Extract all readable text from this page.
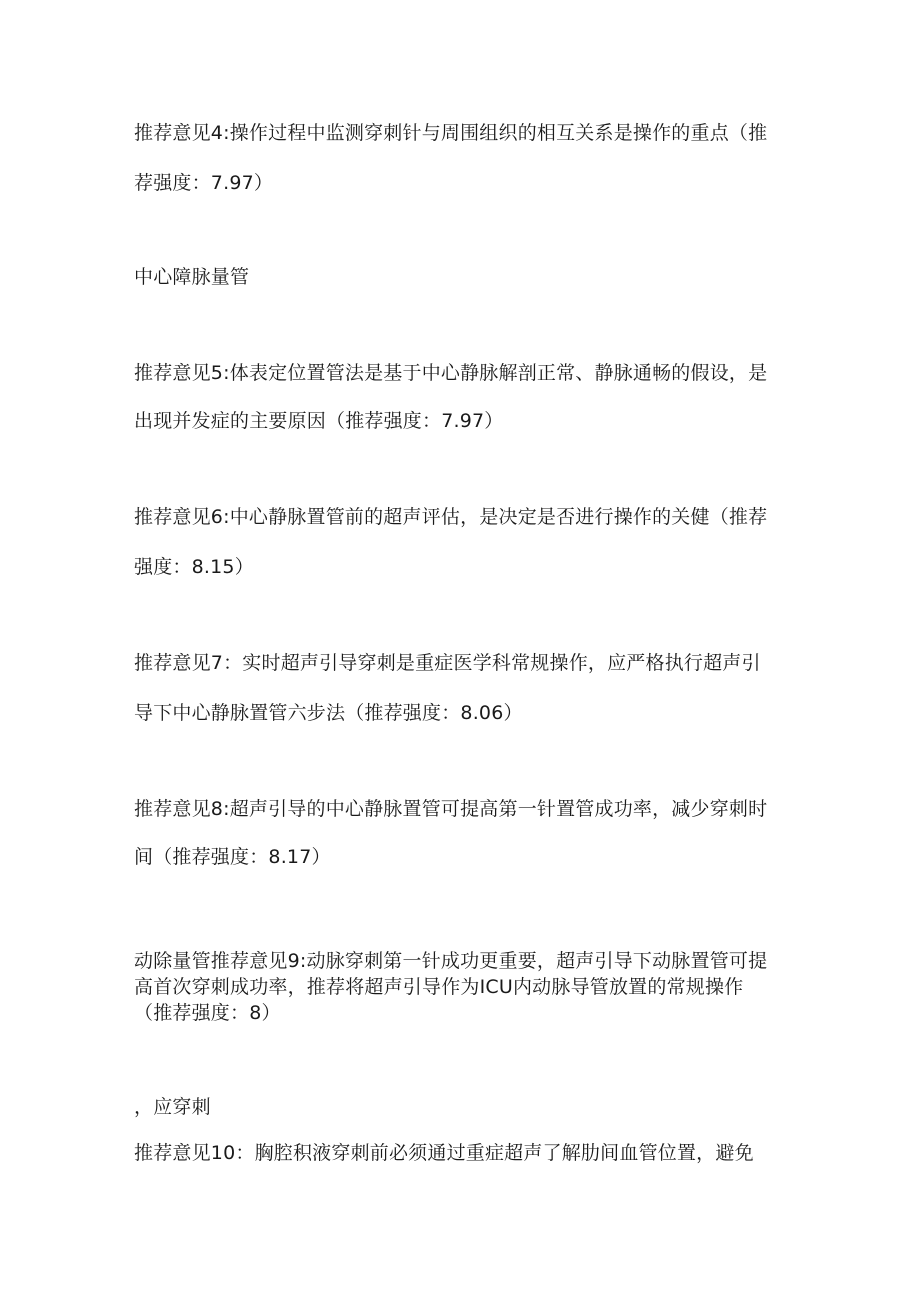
推荐意见4:操作过程中监测穿刺针与周围组织的相互关系是操作的重点（推
荐强度：7.97）
中心障脉量管
推荐意见5:体表定位置管法是基于中心静脉解剖正常、静脉通畅的假设，是
出现并发症的主要原因（推荐强度：7.97）
推荐意见6:中心静脉置管前的超声评估，是决定是否进行操作的关健（推荐
强度：8.15）
推荐意见7：实时超声引导穿刺是重症医学科常规操作，应严格执行超声引
导下中心静脉置管六步法（推荐强度：8.06）
推荐意见8:超声引导的中心静脉置管可提高第一针置管成功率，减少穿刺时
间（推荐强度：8.17）
动除量管推荐意见9:动脉穿刺第一针成功更重要，超声引导下动脉置管可提
高首次穿刺成功率，推荐将超声引导作为ICU内动脉导管放置的常规操作
（推荐强度：8）
，应穿刺
推荐意见10：胸腔积液穿刺前必须通过重症超声了解肋间血管位置，避免
